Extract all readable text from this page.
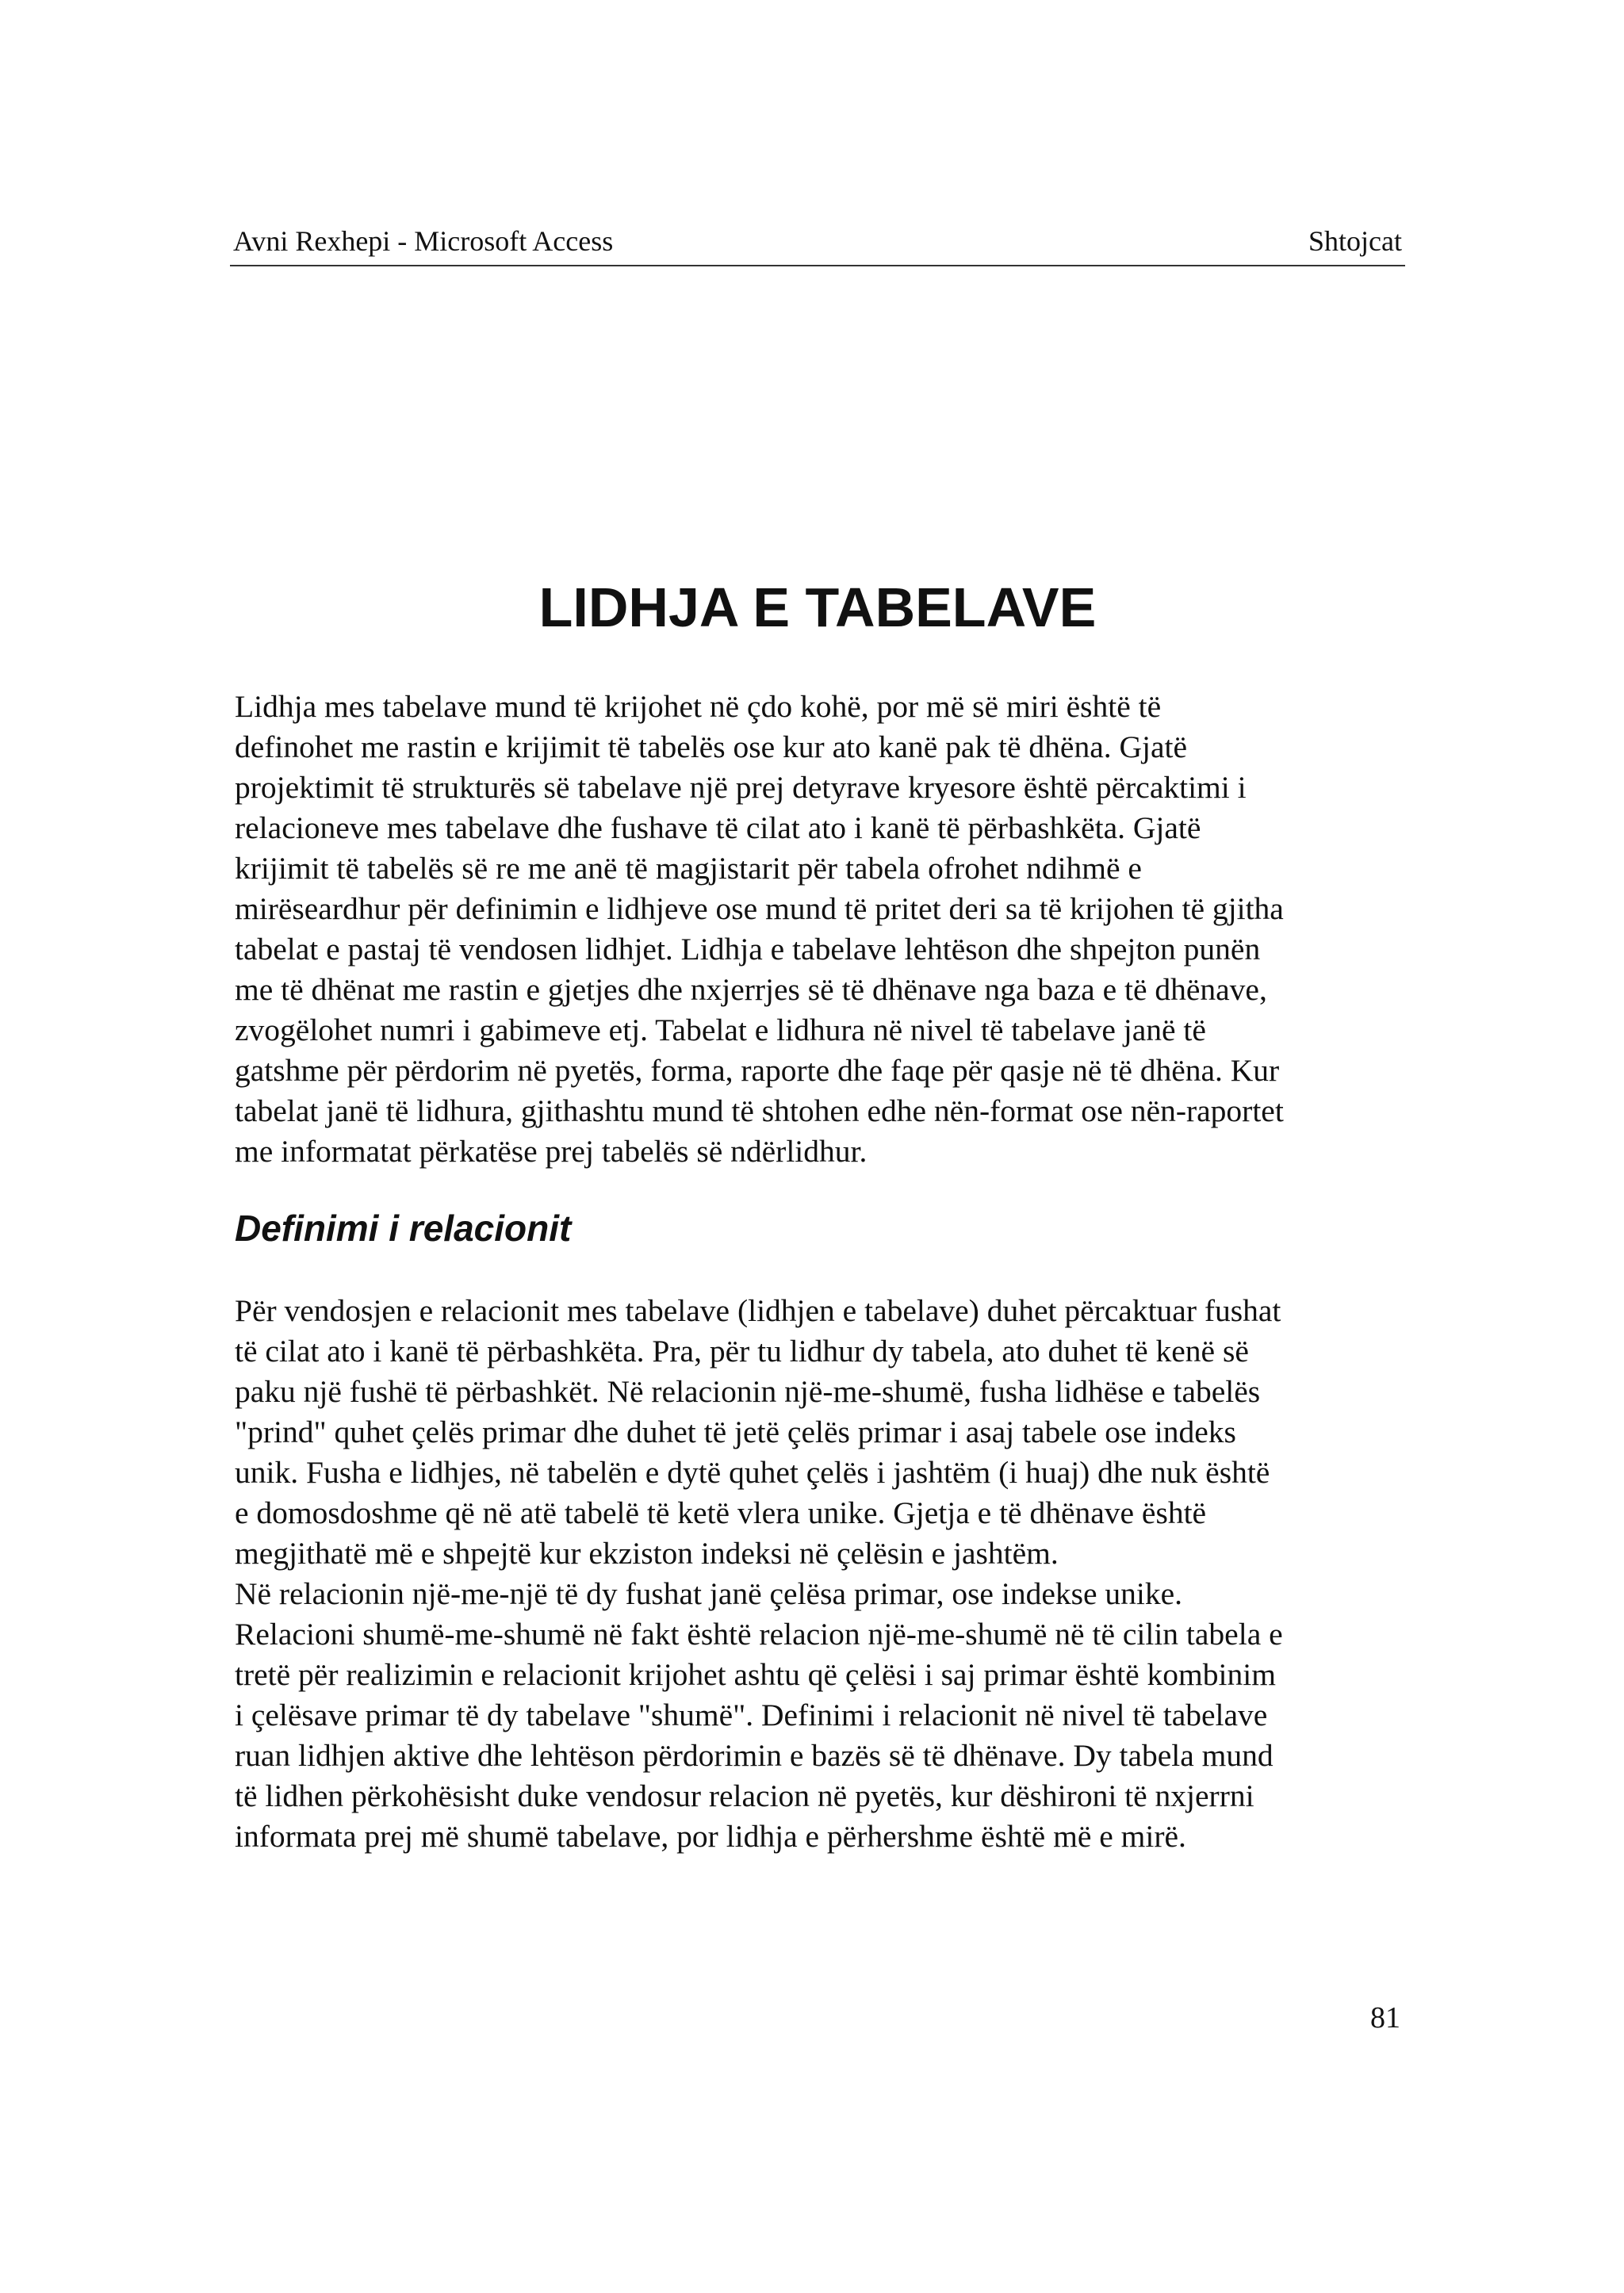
Avni Rexhepi - Microsoft Access	Shtojcat
LIDHJA E TABELAVE

Lidhja mes tabelave mund të krijohet në çdo kohë, por më së miri është të
definohet me rastin e krijimit të tabelës ose kur ato kanë pak të dhëna. Gjatë
projektimit të strukturës së tabelave një prej detyrave kryesore është përcaktimi i
relacioneve mes tabelave dhe fushave të cilat ato i kanë të përbashkëta. Gjatë
krijimit të tabelës së re me anë të magjistarit për tabela ofrohet ndihmë e
mirëseardhur për definimin e lidhjeve ose mund të pritet deri sa të krijohen të gjitha
tabelat e pastaj të vendosen lidhjet. Lidhja e tabelave lehtëson dhe shpejton punën
me të dhënat me rastin e gjetjes dhe nxjerrjes së të dhënave nga baza e të dhënave,
zvogëlohet numri i gabimeve etj. Tabelat e lidhura në nivel të tabelave janë të
gatshme për përdorim në pyetës, forma, raporte dhe faqe për qasje në të dhëna. Kur
tabelat janë të lidhura, gjithashtu mund të shtohen edhe nën-format ose nën-raportet
me informatat përkatëse prej tabelës së ndërlidhur.

Definimi i relacionit

Për vendosjen e relacionit mes tabelave (lidhjen e tabelave) duhet përcaktuar fushat
të cilat ato i kanë të përbashkëta. Pra, për tu lidhur dy tabela, ato duhet të kenë së
paku një fushë të përbashkët. Në relacionin një-me-shumë, fusha lidhëse e tabelës
"prind" quhet çelës primar dhe duhet të jetë çelës primar i asaj tabele ose indeks
unik. Fusha e lidhjes, në tabelën e dytë quhet çelës i jashtëm (i huaj) dhe nuk është
e domosdoshme që në atë tabelë të ketë vlera unike. Gjetja e të dhënave është
megjithatë më e shpejtë kur ekziston indeksi në çelësin e jashtëm.
Në relacionin një-me-një të dy fushat janë çelësa primar, ose indekse unike.
Relacioni shumë-me-shumë në fakt është relacion një-me-shumë në të cilin tabela e
tretë për realizimin e relacionit krijohet ashtu që çelësi i saj primar është kombinim
i çelësave primar të dy tabelave "shumë". Definimi i relacionit në nivel të tabelave
ruan lidhjen aktive dhe lehtëson përdorimin e bazës së të dhënave. Dy tabela mund
të lidhen përkohësisht duke vendosur relacion në pyetës, kur dëshironi të nxjerrni
informata prej më shumë tabelave, por lidhja e përhershme është më e mirë.

81
